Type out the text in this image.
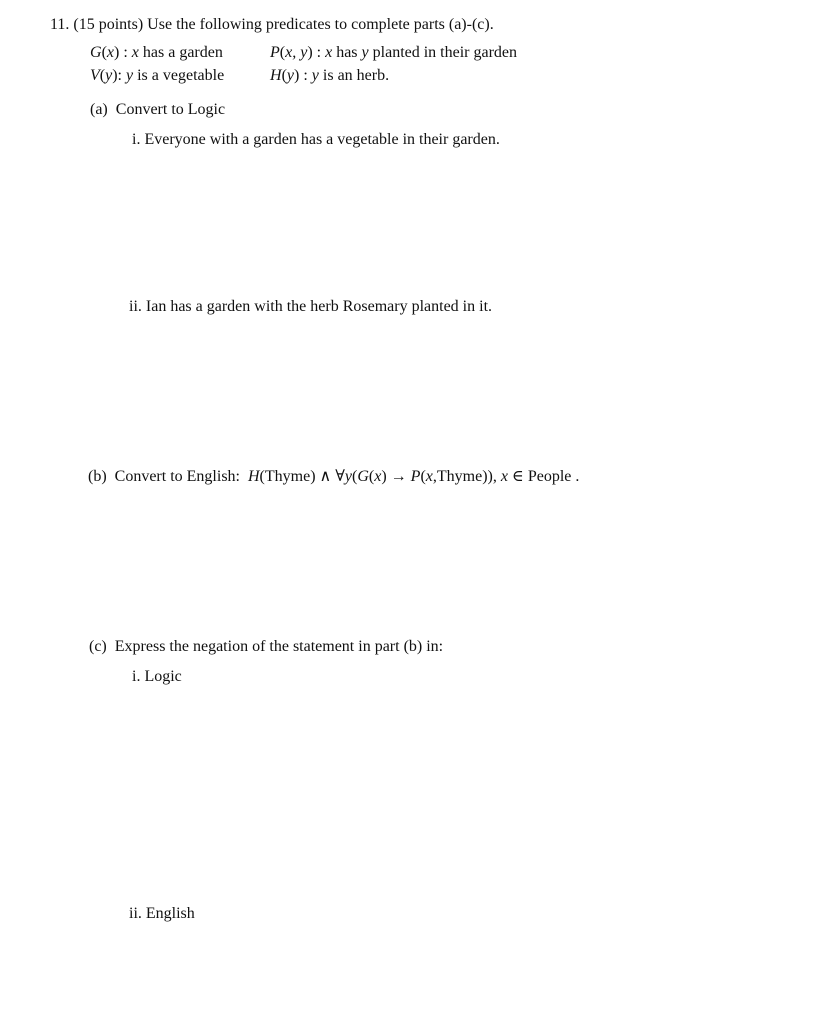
11. (15 points) Use the following predicates to complete parts (a)-(c).
G(x) : x has a garden	P(x, y) : x has y planted in their garden
V(y): y is a vegetable	H(y) : y is an herb.
(a) Convert to Logic
i. Everyone with a garden has a vegetable in their garden.
ii. Ian has a garden with the herb Rosemary planted in it.
(b) Convert to English: H(Thyme) ∧ ∀y(G(x) → P(x,Thyme)), x ∈ People .
(c) Express the negation of the statement in part (b) in:
i. Logic
ii. English
